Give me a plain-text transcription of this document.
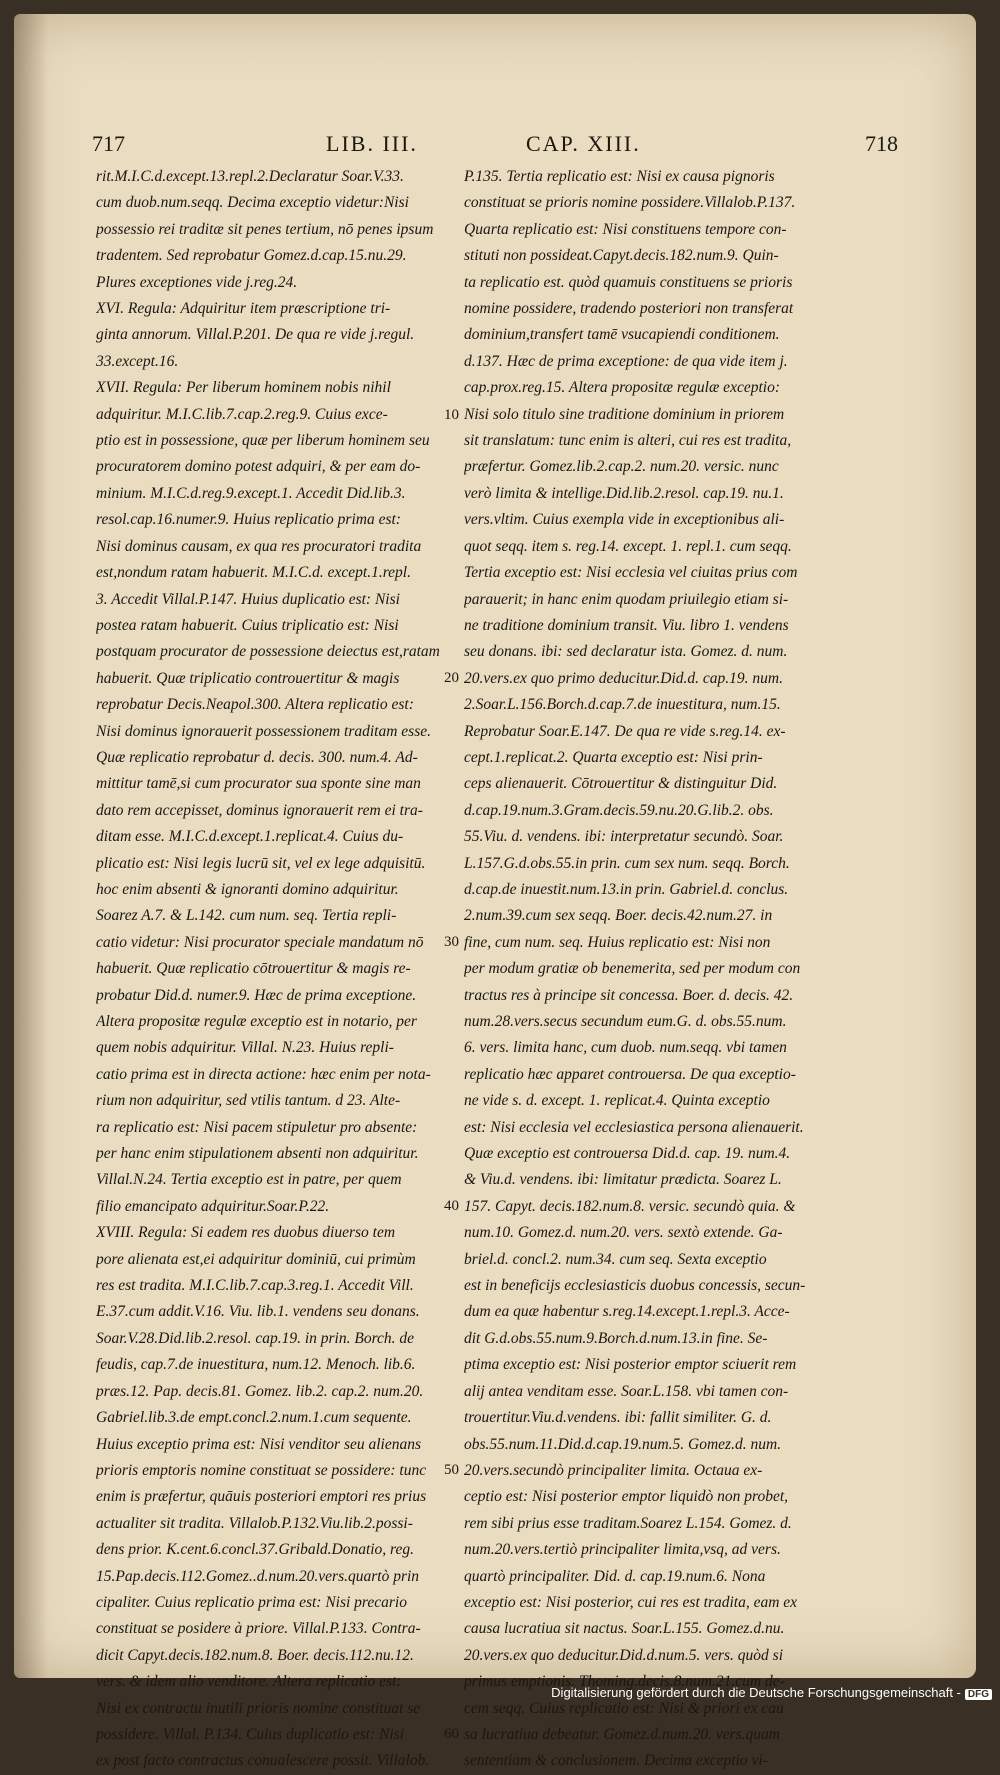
717	LIB. III.	CAP. XIII.	718
rit.M.I.C.d.except.13.repl.2.Declaratur Soar.V.33.
cum duob.num.seqq. Decima exceptio videtur:Nisi
possessio rei traditæ sit penes tertium, nō penes ipsum
tradentem. Sed reprobatur Gomez.d.cap.15.nu.29.
Plures exceptiones vide j.reg.24.
XVI. Regula: Adquiritur item præscriptione tri-
ginta annorum. Villal.P.201. De qua re vide j.regul.
33.except.16.
XVII. Regula: Per liberum hominem nobis nihil
adquiritur. M.I.C.lib.7.cap.2.reg.9. Cuius exce-
ptio est in possessione, quæ per liberum hominem seu
procuratorem domino potest adquiri, & per eam do-
minium. M.I.C.d.reg.9.except.1. Accedit Did.lib.3.
resol.cap.16.numer.9. Huius replicatio prima est:
Nisi dominus causam, ex qua res procuratori tradita
est,nondum ratam habuerit. M.I.C.d. except.1.repl.
3. Accedit Villal.P.147. Huius duplicatio est: Nisi
postea ratam habuerit. Cuius triplicatio est: Nisi
postquam procurator de possessione deiectus est,ratam
habuerit. Quæ triplicatio controuertitur & magis
reprobatur Decis.Neapol.300. Altera replicatio est:
Nisi dominus ignorauerit possessionem traditam esse.
Quæ replicatio reprobatur d. decis. 300. num.4. Ad-
mittitur tamē,si cum procurator sua sponte sine man
dato rem accepisset, dominus ignorauerit rem ei tra-
ditam esse. M.I.C.d.except.1.replicat.4. Cuius du-
plicatio est: Nisi legis lucrū sit, vel ex lege adquisitū.
hoc enim absenti & ignoranti domino adquiritur.
Soarez A.7. & L.142. cum num. seq. Tertia repli-
catio videtur: Nisi procurator speciale mandatum nō
habuerit. Quæ replicatio cōtrouertitur & magis re-
probatur Did.d. numer.9. Hæc de prima exceptione.
Altera propositæ regulæ exceptio est in notario, per
quem nobis adquiritur. Villal. N.23. Huius repli-
catio prima est in directa actione: hæc enim per nota-
rium non adquiritur, sed vtilis tantum. d 23. Alte-
ra replicatio est: Nisi pacem stipuletur pro absente:
per hanc enim stipulationem absenti non adquiritur.
Villal.N.24. Tertia exceptio est in patre, per quem
filio emancipato adquiritur.Soar.P.22.
XVIII. Regula: Si eadem res duobus diuerso tem
pore alienata est,ei adquiritur dominiū, cui primùm
res est tradita. M.I.C.lib.7.cap.3.reg.1. Accedit Vill.
E.37.cum addit.V.16. Viu. lib.1. vendens seu donans.
Soar.V.28.Did.lib.2.resol. cap.19. in prin. Borch. de
feudis, cap.7.de inuestitura, num.12. Menoch. lib.6.
præs.12. Pap. decis.81. Gomez. lib.2. cap.2. num.20.
Gabriel.lib.3.de empt.concl.2.num.1.cum sequente.
Huius exceptio prima est: Nisi venditor seu alienans
prioris emptoris nomine constituat se possidere: tunc
enim is præfertur, quāuis posteriori emptori res prius
actualiter sit tradita. Villalob.P.132.Viu.lib.2.possi-
dens prior. K.cent.6.concl.37.Gribald.Donatio, reg.
15.Pap.decis.112.Gomez..d.num.20.vers.quartò prin
cipaliter. Cuius replicatio prima est: Nisi precario
constituat se posidere à priore. Villal.P.133. Contra-
dicit Capyt.decis.182.num.8. Boer. decis.112.nu.12.
vers. & idem alio venditore. Altera replicatio est:
Nisi ex contractu inutili prioris nomine constituat se
possidere. Villal. P.134. Cuius duplicatio est: Nisi
ex post facto contractus conualescere possit. Villalob.
10
20
30
40
50
60
P.135. Tertia replicatio est: Nisi ex causa pignoris
constituat se prioris nomine possidere.Villalob.P.137.
Quarta replicatio est: Nisi constituens tempore con-
stituti non possideat.Capyt.decis.182.num.9. Quin-
ta replicatio est. quòd quamuis constituens se prioris
nomine possidere, tradendo posteriori non transferat
dominium,transfert tamē vsucapiendi conditionem.
d.137. Hæc de prima exceptione: de qua vide item j.
cap.prox.reg.15. Altera propositæ regulæ exceptio:
Nisi solo titulo sine traditione dominium in priorem
sit translatum: tunc enim is alteri, cui res est tradita,
præfertur. Gomez.lib.2.cap.2. num.20. versic. nunc
verò limita & intellige.Did.lib.2.resol. cap.19. nu.1.
vers.vltim. Cuius exempla vide in exceptionibus ali-
quot seqq. item s. reg.14. except. 1. repl.1. cum seqq.
Tertia exceptio est: Nisi ecclesia vel ciuitas prius com
parauerit; in hanc enim quodam priuilegio etiam si-
ne traditione dominium transit. Viu. libro 1. vendens
seu donans. ibi: sed declaratur ista. Gomez. d. num.
20.vers.ex quo primo deducitur.Did.d. cap.19. num.
2.Soar.L.156.Borch.d.cap.7.de inuestitura, num.15.
Reprobatur Soar.E.147. De qua re vide s.reg.14. ex-
cept.1.replicat.2. Quarta exceptio est: Nisi prin-
ceps alienauerit. Cōtrouertitur & distinguitur Did.
d.cap.19.num.3.Gram.decis.59.nu.20.G.lib.2. obs.
55.Viu. d. vendens. ibi: interpretatur secundò. Soar.
L.157.G.d.obs.55.in prin. cum sex num. seqq. Borch.
d.cap.de inuestit.num.13.in prin. Gabriel.d. conclus.
2.num.39.cum sex seqq. Boer. decis.42.num.27. in
fine, cum num. seq. Huius replicatio est: Nisi non
per modum gratiæ ob benemerita, sed per modum con
tractus res à principe sit concessa. Boer. d. decis. 42.
num.28.vers.secus secundum eum.G. d. obs.55.num.
6. vers. limita hanc, cum duob. num.seqq. vbi tamen
replicatio hæc apparet controuersa. De qua exceptio-
ne vide s. d. except. 1. replicat.4. Quinta exceptio
est: Nisi ecclesia vel ecclesiastica persona alienauerit.
Quæ exceptio est controuersa Did.d. cap. 19. num.4.
& Viu.d. vendens. ibi: limitatur prædicta. Soarez L.
157. Capyt. decis.182.num.8. versic. secundò quia. &
num.10. Gomez.d. num.20. vers. sextò extende. Ga-
briel.d. concl.2. num.34. cum seq. Sexta exceptio
est in beneficijs ecclesiasticis duobus concessis, secun-
dum ea quæ habentur s.reg.14.except.1.repl.3. Acce-
dit G.d.obs.55.num.9.Borch.d.num.13.in fine. Se-
ptima exceptio est: Nisi posterior emptor sciuerit rem
alij antea venditam esse. Soar.L.158. vbi tamen con-
trouertitur.Viu.d.vendens. ibi: fallit similiter. G. d.
obs.55.num.11.Did.d.cap.19.num.5. Gomez.d. num.
20.vers.secundò principaliter limita. Octaua ex-
ceptio est: Nisi posterior emptor liquidò non probet,
rem sibi prius esse traditam.Soarez L.154. Gomez. d.
num.20.vers.tertiò principaliter limita,vsq, ad vers.
quartò principaliter. Did. d. cap.19.num.6. Nona
exceptio est: Nisi posterior, cui res est tradita, eam ex
causa lucratiua sit nactus. Soar.L.155. Gomez.d.nu.
20.vers.ex quo deducitur.Did.d.num.5. vers. quòd si
primus emptionis. Thoming.decis.8.num.21.cum de-
cem seqq. Cuius replicatio est: Nisi & priori ex cau
sa lucratiua debeatur. Gomez.d.num.20. vers.quam
sententiam & conclusionem. Decima exceptio vi-
Digitalisierung gefördert durch die Deutsche Forschungsgemeinschaft - DFG
